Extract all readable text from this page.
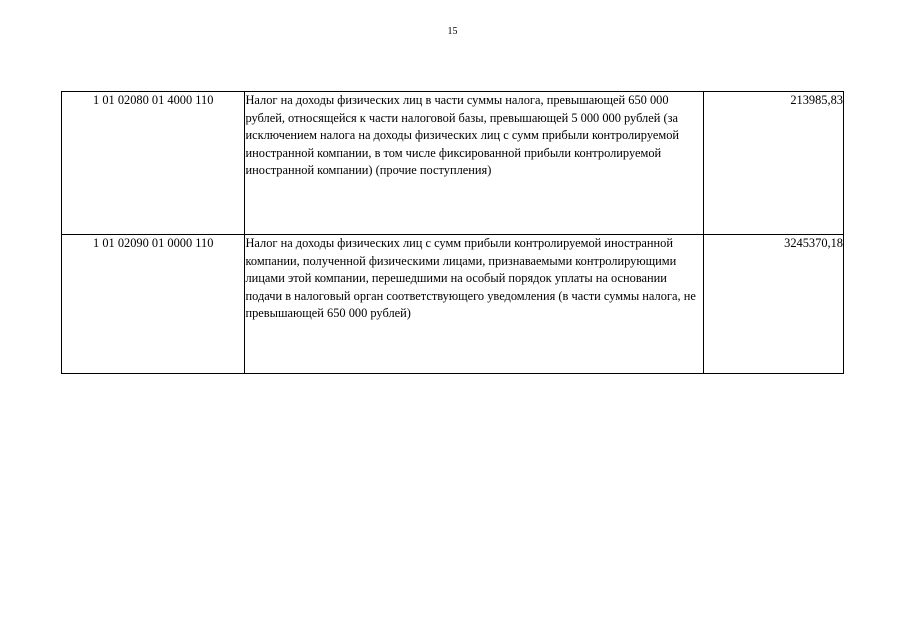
15
1 01 02080 01 4000 110	Налог на доходы физических лиц в части суммы налога, превышающей 650 000 рублей, относящейся к части налоговой базы, превышающей 5 000 000 рублей (за исключением налога на доходы физических лиц с сумм прибыли контролируемой иностранной компании, в том числе фиксированной прибыли контролируемой иностранной компании) (прочие поступления)	213985,83
1 01 02090 01 0000 110	Налог на доходы физических лиц с сумм прибыли контролируемой иностранной компании, полученной физическими лицами, признаваемыми контролирующими лицами этой компании, перешедшими на особый порядок уплаты на основании подачи в налоговый орган соответствующего уведомления (в части суммы налога, не превышающей 650 000 рублей)	3245370,18
